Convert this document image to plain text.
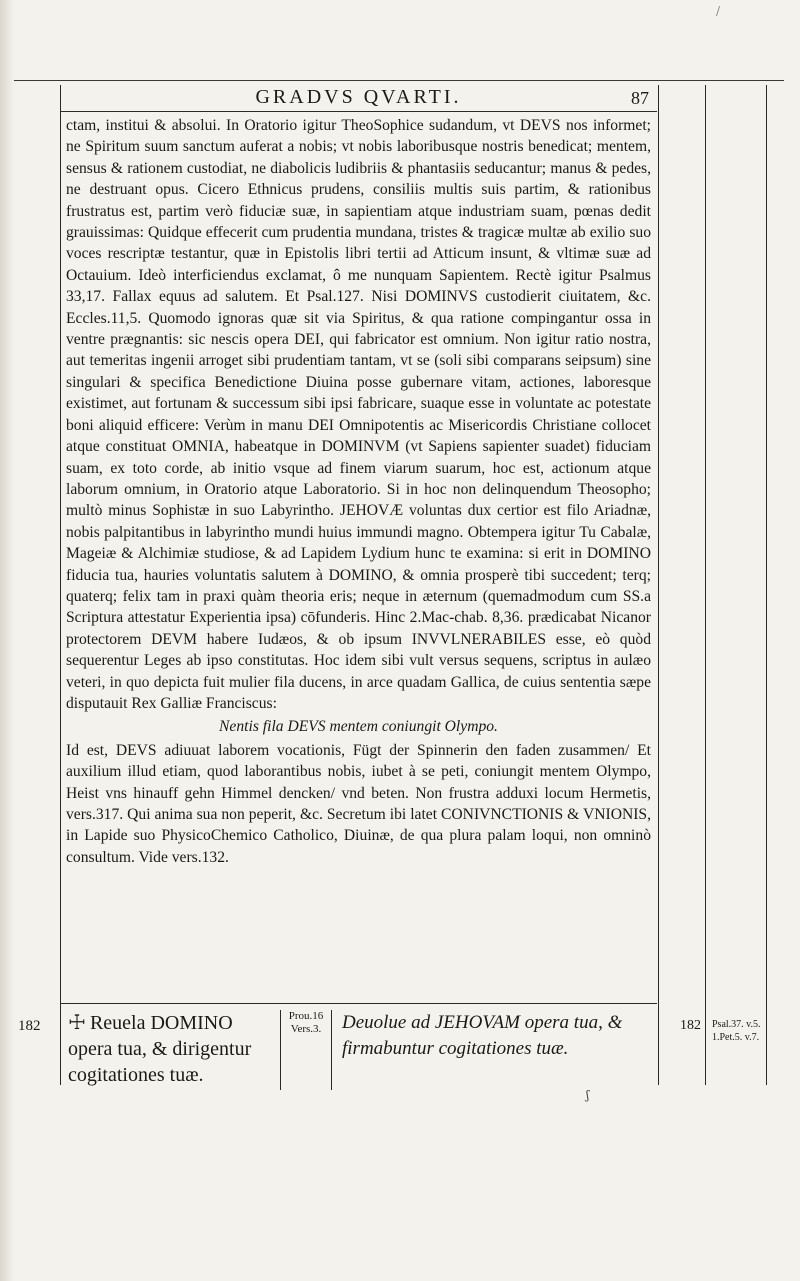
/
GRADVS QVARTI.	87

ctam, institui & absolui. In Oratorio igitur TheoSophice sudandum, vt DEVS nos informet; ne Spiritum suum sanctum auferat a nobis; vt nobis laboribusque nostris benedicat; mentem, sensus & rationem custodiat, ne diabolicis ludibriis & phantasiis seducantur; manus & pedes, ne destruant opus. Cicero Ethnicus prudens, consiliis multis suis partim, & rationibus frustratus est, partim verò fiduciæ suæ, in sapientiam atque industriam suam, pœnas dedit grauissimas: Quidque effecerit cum prudentia mundana, tristes & tragicæ multæ ab exilio suo voces rescriptæ testantur, quæ in Epistolis libri tertii ad Atticum insunt, & vltimæ suæ ad Octauium. Ideò interficiendus exclamat, ô me nunquam Sapientem. Rectè igitur Psalmus 33,17. Fallax equus ad salutem. Et Psal.127. Nisi DOMINVS custodierit ciuitatem, &c. Eccles.11,5. Quomodo ignoras quæ sit via Spiritus, & qua ratione compingantur ossa in ventre prægnantis: sic nescis opera DEI, qui fabricator est omnium. Non igitur ratio nostra, aut temeritas ingenii arroget sibi prudentiam tantam, vt se (soli sibi comparans seipsum) sine singulari & specifica Benedictione Diuina posse gubernare vitam, actiones, laboresque existimet, aut fortunam & successum sibi ipsi fabricare, suaque esse in voluntate ac potestate boni aliquid efficere: Verùm in manu DEI Omnipotentis ac Misericordis Christiane collocet atque constituat OMNIA, habeatque in DOMINVM (vt Sapiens sapienter suadet) fiduciam suam, ex toto corde, ab initio vsque ad finem viarum suarum, hoc est, actionum atque laborum omnium, in Oratorio atque Laboratorio. Si in hoc non delinquendum Theosopho; multò minus Sophistæ in suo Labyrintho. JEHOVÆ voluntas dux certior est filo Ariadnæ, nobis palpitantibus in labyrintho mundi huius immundi magno. Obtempera igitur Tu Cabalæ, Mageiæ & Alchimiæ studiose, & ad Lapidem Lydium hunc te examina: si erit in DOMINO fiducia tua, hauries voluntatis salutem à DOMINO, & omnia prosperè tibi succedent; terq; quaterq; felix tam in praxi quàm theoria eris; neque in æternum (quemadmodum cum SS.a Scriptura attestatur Experientia ipsa) cōfunderis. Hinc 2.Mac-chab. 8,36. prædicabat Nicanor protectorem DEVM habere Iudæos, & ob ipsum INVVLNERABILES esse, eò quòd sequerentur Leges ab ipso constitutas. Hoc idem sibi vult versus sequens, scriptus in aulæo veteri, in quo depicta fuit mulier fila ducens, in arce quadam Gallica, de cuius sententia sæpe disputauit Rex Galliæ Franciscus:

Nentis fila DEVS mentem coniungit Olympo.

Id est, DEVS adiuuat laborem vocationis, Fügt der Spinnerin den faden zusammen/ Et auxilium illud etiam, quod laborantibus nobis, iubet à se peti, coniungit mentem Olympo, Heist vns hinauff gehn Himmel dencken/ vnd beten. Non frustra adduxi locum Hermetis, vers.317. Qui anima sua non peperit, &c. Secretum ibi latet CONIVNCTIONIS & VNIONIS, in Lapide suo PhysicoChemico Catholico, Diuinæ, de qua plura palam loqui, non omninò consultum. Vide vers.132.

182 ☩ Reuela DOMINO opera tua, & dirigentur cogitationes tuæ.
Prou.16 Vers.3.	Deuolue ad JEHOVAM opera tua, & firmabuntur cogitationes tuæ.
182 Psal.37. v.5. 1.Pet.5. v.7.
ʃ
